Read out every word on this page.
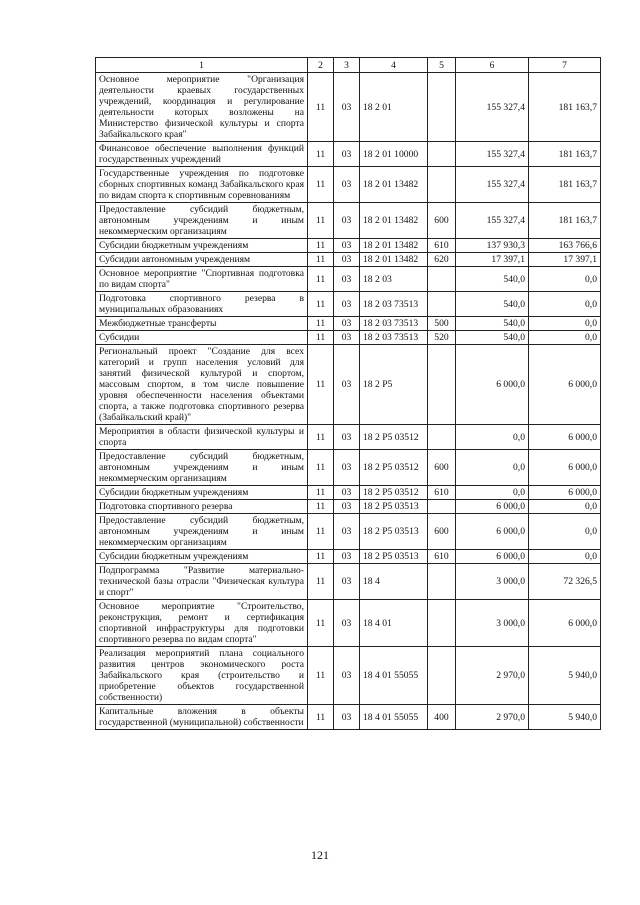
1	2	3	4	5	6	7
Основное мероприятие "Организация деятельности краевых государственных учреждений, координация и регулирование деятельности которых возложены на Министерство физической культуры и спорта Забайкальского края"	11	03	18 2 01		155 327,4	181 163,7
Финансовое обеспечение выполнения функций государственных учреждений	11	03	18 2 01 10000		155 327,4	181 163,7
Государственные учреждения по подготовке сборных спортивных команд Забайкальского края по видам спорта к спортивным соревнованиям	11	03	18 2 01 13482		155 327,4	181 163,7
Предоставление субсидий бюджетным, автономным учреждениям и иным некоммерческим организациям	11	03	18 2 01 13482	600	155 327,4	181 163,7
Субсидии бюджетным учреждениям	11	03	18 2 01 13482	610	137 930,3	163 766,6
Субсидии автономным учреждениям	11	03	18 2 01 13482	620	17 397,1	17 397,1
Основное мероприятие "Спортивная подготовка по видам спорта"	11	03	18 2 03		540,0	0,0
Подготовка спортивного резерва в муниципальных образованиях	11	03	18 2 03 73513		540,0	0,0
Межбюджетные трансферты	11	03	18 2 03 73513	500	540,0	0,0
Субсидии	11	03	18 2 03 73513	520	540,0	0,0
Региональный проект "Создание для всех категорий и групп населения условий для занятий физической культурой и спортом, массовым спортом, в том числе повышение уровня обеспеченности населения объектами спорта, а также подготовка спортивного резерва (Забайкальский край)"	11	03	18 2 P5		6 000,0	6 000,0
Мероприятия в области физической культуры и спорта	11	03	18 2 P5 03512		0,0	6 000,0
Предоставление субсидий бюджетным, автономным учреждениям и иным некоммерческим организациям	11	03	18 2 P5 03512	600	0,0	6 000,0
Субсидии бюджетным учреждениям	11	03	18 2 P5 03512	610	0,0	6 000,0
Подготовка спортивного резерва	11	03	18 2 P5 03513		6 000,0	0,0
Предоставление субсидий бюджетным, автономным учреждениям и иным некоммерческим организациям	11	03	18 2 P5 03513	600	6 000,0	0,0
Субсидии бюджетным учреждениям	11	03	18 2 P5 03513	610	6 000,0	0,0
Подпрограмма "Развитие материально-технической базы отрасли "Физическая культура и спорт"	11	03	18 4		3 000,0	72 326,5
Основное мероприятие "Строительство, реконструкция, ремонт и сертификация спортивной инфраструктуры для подготовки спортивного резерва по видам спорта"	11	03	18 4 01		3 000,0	6 000,0
Реализация мероприятий плана социального развития центров экономического роста Забайкальского края (строительство и приобретение объектов государственной собственности)	11	03	18 4 01 55055		2 970,0	5 940,0
Капитальные вложения в объекты государственной (муниципальной) собственности	11	03	18 4 01 55055	400	2 970,0	5 940,0
121
